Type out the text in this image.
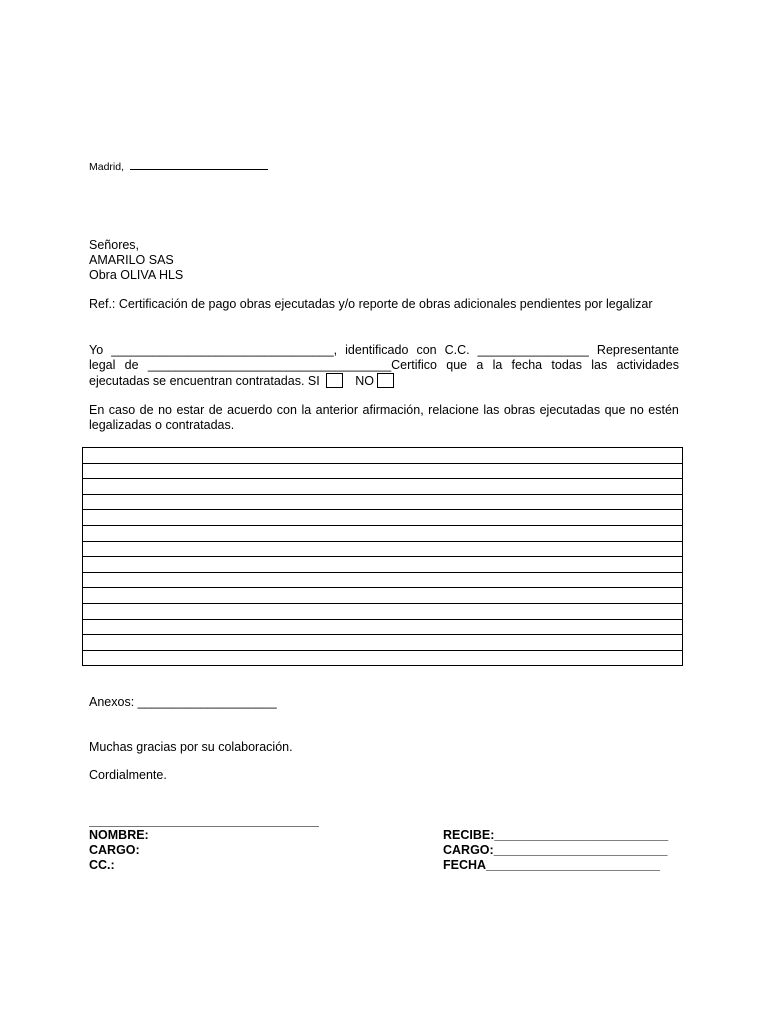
Madrid,
Señores,
AMARILO SAS
Obra OLIVA HLS
Ref.: Certificación de pago obras ejecutadas y/o reporte de obras adicionales pendientes por legalizar
Yo ________________________________, identificado con C.C. ________________ Representante
legal de ___________________________________Certifico que a la fecha todas las actividades
ejecutadas se encuentran contratadas. SI	NO
En caso de no estar de acuerdo con la anterior afirmación, relacione las obras ejecutadas que no estén
legalizadas o contratadas.

Anexos: ____________________
Muchas gracias por su colaboración.
Cordialmente.
NOMBRE:
CARGO:
CC.:
RECIBE:_________________________
CARGO:_________________________
FECHA_________________________
